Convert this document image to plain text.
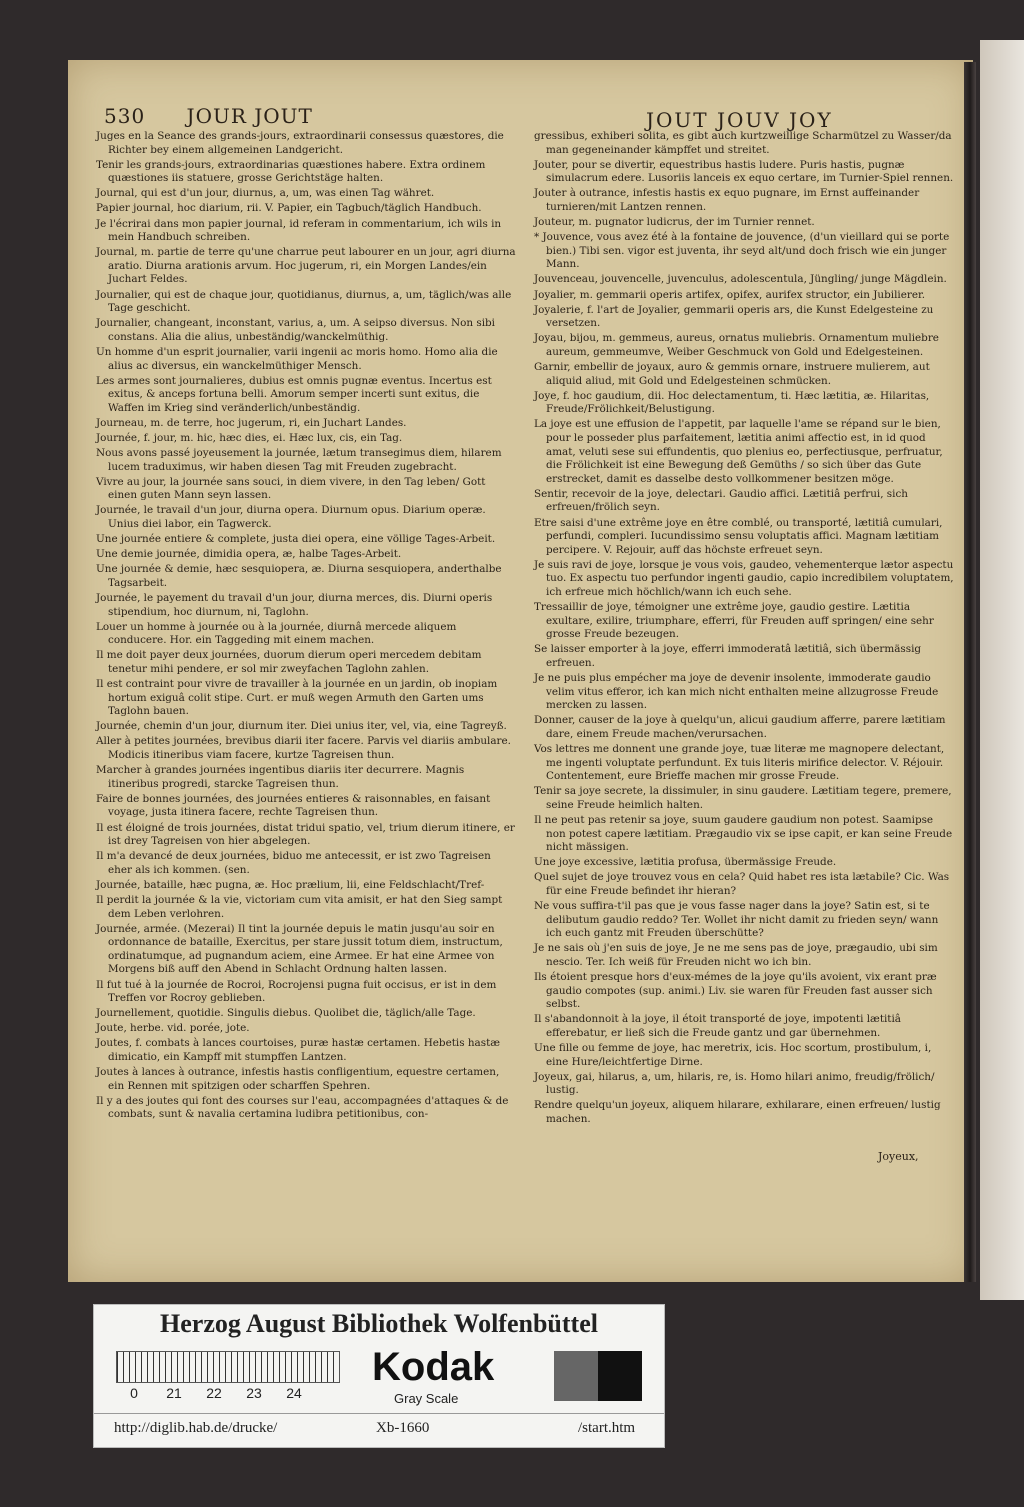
530 JOUR JOUT	JOUT JOUV JOY

Juges en la Seance des grands-jours, extraordinarii consessus quæstores, die Richter bey einem allgemeinen Landgericht.

Tenir les grands-jours, extraordinarias quæstiones habere. Extra ordinem quæstiones iis statuere, grosse Gerichtstäge halten.

Journal, qui est d'un jour, diurnus, a, um, was einen Tag währet.

Papier journal, hoc diarium, rii. V. Papier, ein Tagbuch/täglich Handbuch.

Je l'écrirai dans mon papier journal, id referam in commentarium, ich wils in mein Handbuch schreiben.

Journal, m. partie de terre qu'une charrue peut labourer en un jour, agri diurna aratio. Diurna arationis arvum. Hoc jugerum, ri, ein Morgen Landes/ein Juchart Feldes.

Journalier, qui est de chaque jour, quotidianus, diurnus, a, um, täglich/was alle Tage geschicht.

Journalier, changeant, inconstant, varius, a, um. A seipso diversus. Non sibi constans. Alia die alius, unbeständig/wanckelmüthig.

Un homme d'un esprit journalier, varii ingenii ac moris homo. Homo alia die alius ac diversus, ein wanckelmüthiger Mensch.

Les armes sont journalieres, dubius est omnis pugnæ eventus. Incertus est exitus, & anceps fortuna belli. Amorum semper incerti sunt exitus, die Waffen im Krieg sind veränderlich/unbeständig.

Journeau, m. de terre, hoc jugerum, ri, ein Juchart Landes.

Journée, f. jour, m. hic, hæc dies, ei. Hæc lux, cis, ein Tag.

Nous avons passé joyeusement la journée, lætum transegimus diem, hilarem lucem traduximus, wir haben diesen Tag mit Freuden zugebracht.

Vivre au jour, la journée sans souci, in diem vivere, in den Tag leben/ Gott einen guten Mann seyn lassen.

Journée, le travail d'un jour, diurna opera. Diurnum opus. Diarium operæ. Unius diei labor, ein Tagwerck.

Une journée entiere & complete, justa diei opera, eine völlige Tages-Arbeit.

Une demie journée, dimidia opera, æ, halbe Tages-Arbeit.

Une journée & demie, hæc sesquiopera, æ. Diurna sesquiopera, anderthalbe Tagsarbeit.

Journée, le payement du travail d'un jour, diurna merces, dis. Diurni operis stipendium, hoc diurnum, ni, Taglohn.

Louer un homme à journée ou à la journée, diurnâ mercede aliquem conducere. Hor. ein Taggeding mit einem machen.

Il me doit payer deux journées, duorum dierum operi mercedem debitam tenetur mihi pendere, er sol mir zweyfachen Taglohn zahlen.

Il est contraint pour vivre de travailler à la journée en un jardin, ob inopiam hortum exiguâ colit stipe. Curt. er muß wegen Armuth den Garten ums Taglohn bauen.

Journée, chemin d'un jour, diurnum iter. Diei unius iter, vel, via, eine Tagreyß.

Aller à petites journées, brevibus diarii iter facere. Parvis vel diariis ambulare. Modicis itineribus viam facere, kurtze Tagreisen thun.

Marcher à grandes journées ingentibus diariis iter decurrere. Magnis itineribus progredi, starcke Tagreisen thun.

Faire de bonnes journées, des journées entieres & raisonnables, en faisant voyage, justa itinera facere, rechte Tagreisen thun.

Il est éloigné de trois journées, distat tridui spatio, vel, trium dierum itinere, er ist drey Tagreisen von hier abgelegen.

Il m'a devancé de deux journées, biduo me antecessit, er ist zwo Tagreisen eher als ich kommen. (sen.

Journée, bataille, hæc pugna, æ. Hoc prælium, lii, eine Feldschlacht/Tref-

Il perdit la journée & la vie, victoriam cum vita amisit, er hat den Sieg sampt dem Leben verlohren.

Journée, armée. (Mezerai) Il tint la journée depuis le matin jusqu'au soir en ordonnance de bataille, Exercitus, per stare jussit totum diem, instructum, ordinatumque, ad pugnandum aciem, eine Armee. Er hat eine Armee von Morgens biß auff den Abend in Schlacht Ordnung halten lassen.

Il fut tué à la journée de Rocroi, Rocrojensi pugna fuit occisus, er ist in dem Treffen vor Rocroy geblieben.

Journellement, quotidie. Singulis diebus. Quolibet die, täglich/alle Tage.

Joute, herbe. vid. porée, jote.

Joutes, f. combats à lances courtoises, puræ hastæ certamen. Hebetis hastæ dimicatio, ein Kampff mit stumpffen Lantzen.

Joutes à lances à outrance, infestis hastis confligentium, equestre certamen, ein Rennen mit spitzigen oder scharffen Spehren.

Il y a des joutes qui font des courses sur l'eau, accompagnées d'attaques & de combats, sunt & navalia certamina ludibra petitionibus, con-

gressibus, exhiberi solita, es gibt auch kurtzweillige Scharmützel zu Wasser/da man gegeneinander kämpffet und streitet.

Jouter, pour se divertir, equestribus hastis ludere. Puris hastis, pugnæ simulacrum edere. Lusoriis lanceis ex equo certare, im Turnier-Spiel rennen.

Jouter à outrance, infestis hastis ex equo pugnare, im Ernst auffeinander turnieren/mit Lantzen rennen.

Jouteur, m. pugnator ludicrus, der im Turnier rennet.

* Jouvence, vous avez été à la fontaine de jouvence, (d'un vieillard qui se porte bien.) Tibi sen. vigor est juventa, ihr seyd alt/und doch frisch wie ein junger Mann.

Jouvenceau, jouvencelle, juvenculus, adolescentula, Jüngling/ junge Mägdlein.

Joyalier, m. gemmarii operis artifex, opifex, aurifex structor, ein Jubilierer.

Joyalerie, f. l'art de Joyalier, gemmarii operis ars, die Kunst Edelgesteine zu versetzen.

Joyau, bijou, m. gemmeus, aureus, ornatus muliebris. Ornamentum muliebre aureum, gemmeumve, Weiber Geschmuck von Gold und Edelgesteinen.

Garnir, embellir de joyaux, auro & gemmis ornare, instruere mulierem, aut aliquid aliud, mit Gold und Edelgesteinen schmücken.

Joye, f. hoc gaudium, dii. Hoc delectamentum, ti. Hæc lætitia, æ. Hilaritas, Freude/Frölichkeit/Belustigung.

La joye est une effusion de l'appetit, par laquelle l'ame se répand sur le bien, pour le posseder plus parfaitement, lætitia animi affectio est, in id quod amat, veluti sese sui effundentis, quo plenius eo, perfectiusque, perfruatur, die Frölichkeit ist eine Bewegung deß Gemüths / so sich über das Gute erstrecket, damit es dasselbe desto vollkommener besitzen möge.

Sentir, recevoir de la joye, delectari. Gaudio affici. Lætitiâ perfrui, sich erfreuen/frölich seyn.

Etre saisi d'une extrême joye en être comblé, ou transporté, lætitiâ cumulari, perfundi, compleri. Iucundissimo sensu voluptatis affici. Magnam lætitiam percipere. V. Rejouir, auff das höchste erfreuet seyn.

Je suis ravi de joye, lorsque je vous vois, gaudeo, vehementerque lætor aspectu tuo. Ex aspectu tuo perfundor ingenti gaudio, capio incredibilem voluptatem, ich erfreue mich höchlich/wann ich euch sehe.

Tressaillir de joye, témoigner une extrême joye, gaudio gestire. Lætitia exultare, exilire, triumphare, efferri, für Freuden auff springen/ eine sehr grosse Freude bezeugen.

Se laisser emporter à la joye, efferri immoderatâ lætitiâ, sich übermässig erfreuen.

Je ne puis plus empécher ma joye de devenir insolente, immoderate gaudio velim vitus efferor, ich kan mich nicht enthalten meine allzugrosse Freude mercken zu lassen.

Donner, causer de la joye à quelqu'un, alicui gaudium afferre, parere lætitiam dare, einem Freude machen/verursachen.

Vos lettres me donnent une grande joye, tuæ literæ me magnopere delectant, me ingenti voluptate perfundunt. Ex tuis literis mirifice delector. V. Réjouir. Contentement, eure Brieffe machen mir grosse Freude.

Tenir sa joye secrete, la dissimuler, in sinu gaudere. Lætitiam tegere, premere, seine Freude heimlich halten.

Il ne peut pas retenir sa joye, suum gaudere gaudium non potest. Saamipse non potest capere lætitiam. Prægaudio vix se ipse capit, er kan seine Freude nicht mässigen.

Une joye excessive, lætitia profusa, übermässige Freude.

Quel sujet de joye trouvez vous en cela? Quid habet res ista lætabile? Cic. Was für eine Freude befindet ihr hieran?

Ne vous suffira-t'il pas que je vous fasse nager dans la joye? Satin est, si te delibutum gaudio reddo? Ter. Wollet ihr nicht damit zu frieden seyn/ wann ich euch gantz mit Freuden überschütte?

Je ne sais où j'en suis de joye, Je ne me sens pas de joye, prægaudio, ubi sim nescio. Ter. Ich weiß für Freuden nicht wo ich bin.

Ils étoient presque hors d'eux-mémes de la joye qu'ils avoient, vix erant præ gaudio compotes (sup. animi.) Liv. sie waren für Freuden fast ausser sich selbst.

Il s'abandonnoit à la joye, il étoit transporté de joye, impotenti lætitiâ efferebatur, er ließ sich die Freude gantz und gar übernehmen.

Une fille ou femme de joye, hac meretrix, icis. Hoc scortum, prostibulum, i, eine Hure/leichtfertige Dirne.

Joyeux, gai, hilarus, a, um, hilaris, re, is. Homo hilari animo, freudig/frölich/ lustig.

Rendre quelqu'un joyeux, aliquem hilarare, exhilarare, einen erfreuen/ lustig machen.

Joyeux,
Herzog August Bibliothek Wolfenbüttel
0 21 22 23 24
Kodak
Gray Scale
http://diglib.hab.de/drucke/	Xb-1660	/start.htm
